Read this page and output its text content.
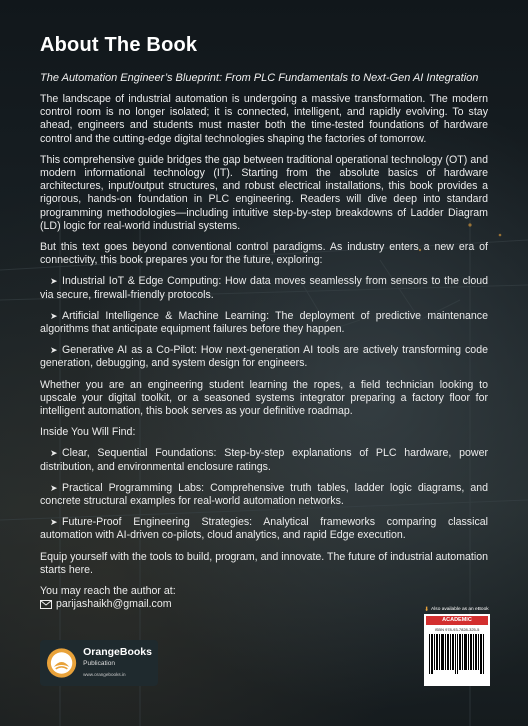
About The Book

The Automation Engineer’s Blueprint: From PLC Fundamentals to Next-Gen AI Integration

The landscape of industrial automation is undergoing a massive transformation. The modern control room is no longer isolated; it is connected, intelligent, and rapidly evolving. To stay ahead, engineers and students must master both the time-tested foundations of hardware control and the cutting-edge digital technologies shaping the factories of tomorrow.

This comprehensive guide bridges the gap between traditional operational technology (OT) and modern informational technology (IT). Starting from the absolute basics of hardware architectures, input/output structures, and robust electrical installations, this book provides a rigorous, hands-on foundation in PLC engineering. Readers will dive deep into standard programming methodologies—including intuitive step-by-step breakdowns of Ladder Diagram (LD) logic for real-world industrial systems.

But this text goes beyond conventional control paradigms. As industry enters a new era of connectivity, this book prepares you for the future, exploring:

➤ Industrial IoT & Edge Computing: How data moves seamlessly from sensors to the cloud via secure, firewall-friendly protocols.

➤ Artificial Intelligence & Machine Learning: The deployment of predictive maintenance algorithms that anticipate equipment failures before they happen.

➤ Generative AI as a Co-Pilot: How next-generation AI tools are actively transforming code generation, debugging, and system design for engineers.

Whether you are an engineering student learning the ropes, a field technician looking to upscale your digital toolkit, or a seasoned systems integrator preparing a factory floor for intelligent automation, this book serves as your definitive roadmap.

Inside You Will Find:

➤ Clear, Sequential Foundations: Step-by-step explanations of PLC hardware, power distribution, and environmental enclosure ratings.

➤ Practical Programming Labs: Comprehensive truth tables, ladder logic diagrams, and concrete structural examples for real-world automation networks.

➤ Future-Proof Engineering Strategies: Analytical frameworks comparing classical automation with AI-driven co-pilots, cloud analytics, and rapid Edge execution.

Equip yourself with the tools to build, program, and innovate. The future of industrial automation starts here.

You may reach the author at:
parijashaikh@gmail.com
OrangeBooks
Publication
www.orangebooks.in
⬇ Also available as an eBook
ACADEMIC
ISBN 978-93-7828-325-5
